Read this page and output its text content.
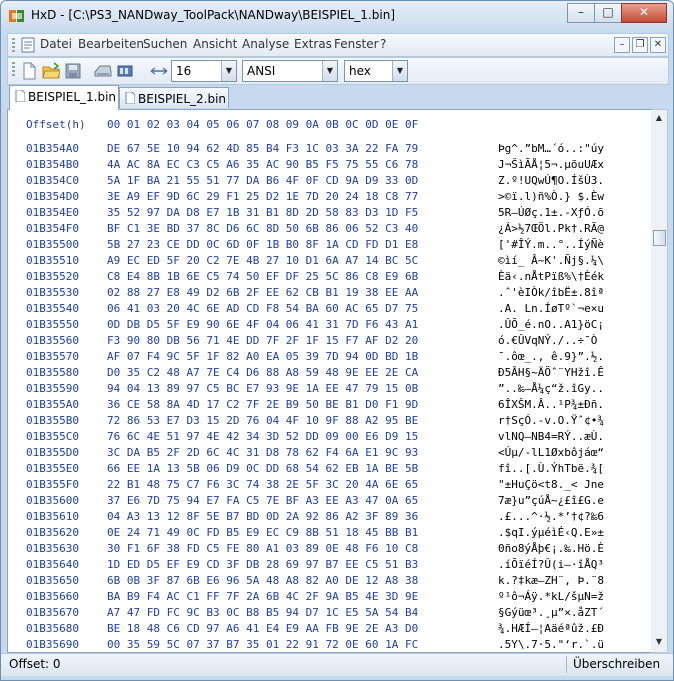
HxD - [C:\PS3_NANDway_ToolPack\NANDway\BEISPIEL_1.bin]	–	□	✕
Datei Bearbeiten Suchen Ansicht Analyse Extras Fenster ?	–	❐ ✕
16	▼	ANSI	▼	hex	▼
BEISPIEL_1.bin BEISPIEL_2.bin
Offset(h) 00 01 02 03 04 05 06 07 08 09 0A 0B 0C 0D 0E 0F
01B354A0	DE 67 5E 10 94 62 4D 85 B4 F3 1C 03 3A 22 FA 79	Þg^.”bM…´ó..:"úy
01B354B0	4A AC 8A EC C3 C5 A6 35 AC 90 B5 F5 75 55 C6 78	J¬ŠìÃÅ¦5¬.µõuUÆx
01B354C0	5A 1F BA 21 55 51 77 DA B6 4F 0F CD 9A D9 33 0D	Z.º!UQwÚ¶O.ÍšÙ3.
01B354D0	3E A9 EF 9D 6C 29 F1 25 D2 1E 7D 20 24 18 C8 77	>©ï.l)ñ%Ò.} $.Èw
01B354E0	35 52 97 DA D8 E7 1B 31 B1 8D 2D 58 83 D3 1D F5	5R—ÚØç.1±.-XƒÓ.õ
01B354F0	BF C1 3E BD 37 8C D6 6C 8D 50 6B 86 06 52 C3 40	¿Á>½7ŒÖl.Pk†.RÃ@
01B35500	5B 27 23 CE DD 0C 6D 0F 1B B0 8F 1A CD FD D1 E8	['#ÎÝ.m..°..ÍýÑè
01B35510	A9 EC ED 5F 20 C2 7E 4B 27 10 D1 6A A7 14 BC 5C	©ìí_ Â~K'.Ñj§.¼\
01B35520	C8 E4 8B 1B 6E C5 74 50 EF DF 25 5C 86 C8 E9 6B	Èä‹.nÅtPïß%\†Èék
01B35530	02 88 27 E8 49 D2 6B 2F EE 62 CB B1 19 38 EE AA	.ˆ'èIÒk/îbË±.8îª
01B35540	06 41 03 20 4C 6E AD CD F8 54 BA 60 AC 65 D7 75	.A. Ln.ÍøTº`¬e×u
01B35550	0D DB D5 5F E9 90 6E 4F 04 06 41 31 7D F6 43 A1	.ÛÕ_é.nO..A1}öC¡
01B35560	F3 90 80 DB 56 71 4E DD 7F 2F 1F 15 F7 AF D2 20	ó.€ÛVqNÝ./..÷¯Ò
01B35570	AF 07 F4 9C 5F 1F 82 A0 EA 05 39 7D 94 0D BD 1B	¯.ôœ_.‚ ê.9}”.½.
01B35580	D0 35 C2 48 A7 7E C4 D6 88 A8 59 48 9E EE 2E CA	Ð5ÂH§~ÄÖˆ¨YHžî.Ê
01B35590	94 04 13 89 97 C5 BC E7 93 9E 1A EE 47 79 15 0B	”..‰—Å¼ç“ž.îGy..
01B355A0	36 CE 58 8A 4D 17 C2 7F 2E B9 50 BE B1 D0 F1 9D	6ÎXŠM.Â..¹P¾±Ðñ.
01B355B0	72 86 53 E7 D3 15 2D 76 04 4F 10 9F 88 A2 95 BE	r†SçÓ.-v.O.Ÿˆ¢•¾
01B355C0	76 6C 4E 51 97 4E 42 34 3D 52 DD 09 00 E6 D9 15	vlNQ—NB4=RÝ..æÙ.
01B355D0	3C DA B5 2F 2D 6C 4C 31 D8 78 62 F4 6A E1 9C 93	<Úµ/-lL1Øxbôjáœ“
01B355E0	66 EE 1A 13 5B 06 D9 0C DD 68 54 62 EB 1A BE 5B	fî..[.Ù.ÝhTbë.¾[
01B355F0	22 B1 48 75 C7 F6 3C 74 38 2E 5F 3C 20 4A 6E 65	"±HuÇö<t8._< Jne
01B35600	37 E6 7D 75 94 E7 FA C5 7E BF A3 EE A3 47 0A 65	7æ}u”çúÅ~¿£î£G.e
01B35610	04 A3 13 12 8F 5E B7 BD 0D 2A 92 86 A2 3F 89 36	.£...^·½.*’†¢?‰6
01B35620	0E 24 71 49 0C FD B5 E9 EC C9 8B 51 18 45 BB B1	.$qI.ýµéìÉ‹Q.E»±
01B35630	30 F1 6F 38 FD C5 FE 80 A1 03 89 0E 48 F6 10 C8	0ño8ýÅþ€¡.‰.Hö.È
01B35640	1D ED D5 EF E9 CD 3F DB 28 69 97 B7 EE C5 51 B3	.íÕïéÍ?Û(i—·îÅQ³
01B35650	6B 0B 3F 87 6B E6 96 5A 48 A8 82 A0 DE 12 A8 38	k.?‡kæ–ZH¨‚ Þ.¨8
01B35660	BA B9 F4 AC C1 FF 7F 2A 6B 4C 2F 9A B5 4E 3D 9E	º¹ô¬Áÿ.*kL/šµN=ž
01B35670	A7 47 FD FC 9C B3 0C B8 B5 94 D7 1C E5 5A 54 B4	§Gýüœ³.¸µ”×.åZT´
01B35680	BE 18 48 C6 CD 97 A6 41 E4 E9 AA FB 9E 2E A3 D0	¾.HÆÍ—¦Aäéªûž.£Ð
01B35690	00 35 59 5C 07 37 B7 35 01 22 91 72 0E 60 1A FC	.5Y\.7·5."‘r.`.ü
▲
▼
Offset: 0	Überschreiben
